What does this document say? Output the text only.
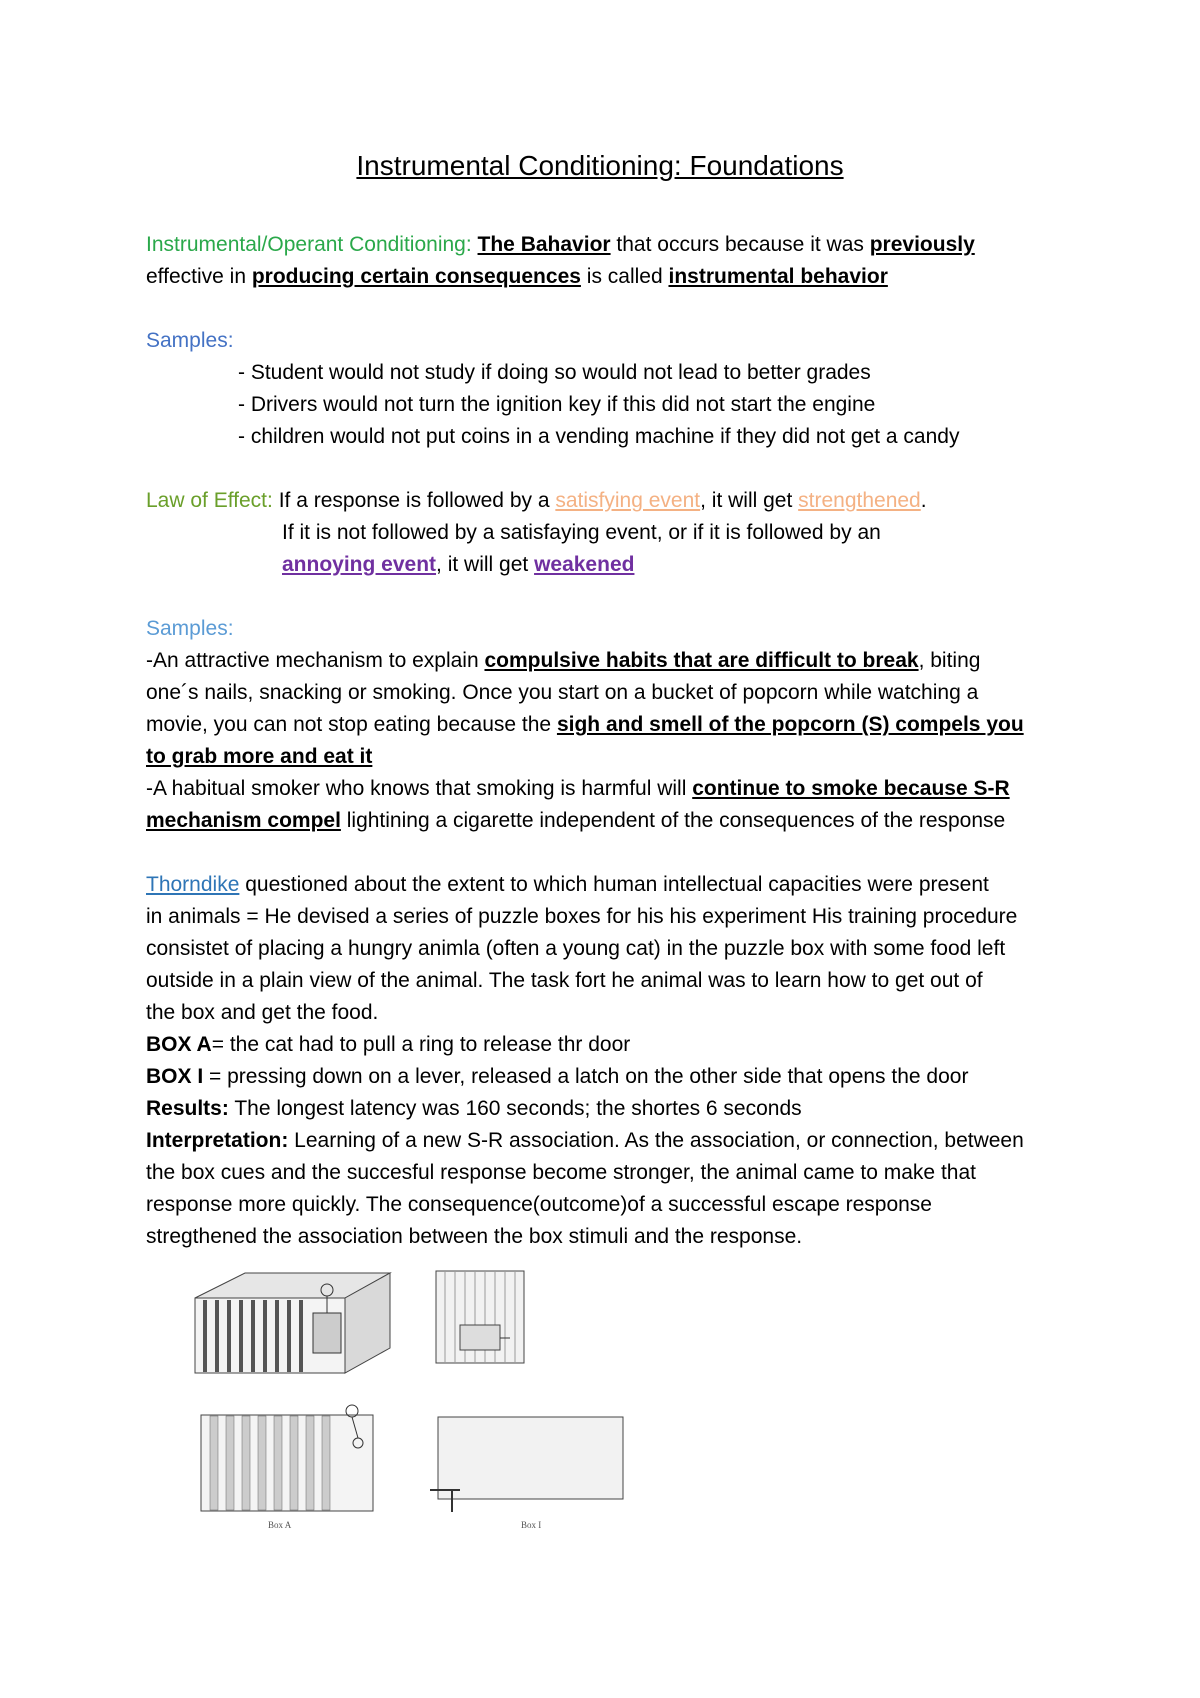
Instrumental Conditioning: Foundations
Instrumental/Operant Conditioning: The Bahavior that occurs because it was previously
effective in producing certain consequences is called instrumental behavior
Samples:
- Student would not study if doing so would not lead to better grades
- Drivers would not turn the ignition key if this did not start the engine
- children would not put coins in a vending machine if they did not get a candy
Law of Effect: If a response is followed by a satisfying event, it will get strengthened.
If it is not followed by a satisfaying event, or if it is followed by an
annoying event, it will get weakened
Samples:
-An attractive mechanism to explain compulsive habits that are difficult to break, biting
one´s nails, snacking or smoking. Once you start on a bucket of popcorn while watching a
movie, you can not stop eating because the sigh and smell of the popcorn (S) compels you
to grab more and eat it
-A habitual smoker who knows that smoking is harmful will continue to smoke because S-R
mechanism compel lightining a cigarette independent of the consequences of the response
Thorndike questioned about the extent to which human intellectual capacities were present
in animals = He devised a series of puzzle boxes for his his experiment His training procedure
consistet of placing a hungry animla (often a young cat) in the puzzle box with some food left
outside in a plain view of the animal. The task fort he animal was to learn how to get out of
the box and get the food.
BOX A= the cat had to pull a ring to release thr door
BOX I = pressing down on a lever, released a latch on the other side that opens the door
Results: The longest latency was 160 seconds; the shortes 6 seconds
Interpretation: Learning of a new S-R association. As the association, or connection, between
the box cues and the succesful response become stronger, the animal came to make that
response more quickly. The consequence(outcome)of a successful escape response
stregthened the association between the box stimuli and the response.
Box A	Box I
